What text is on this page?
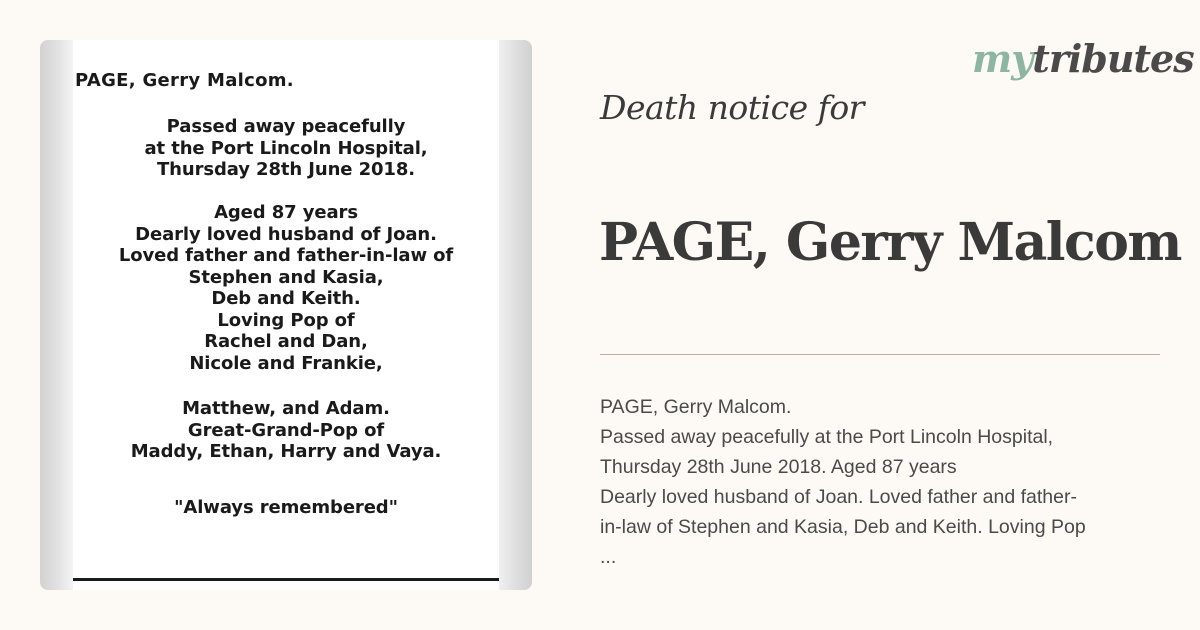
PAGE, Gerry Malcom.
Passed away peacefully
at the Port Lincoln Hospital,
Thursday 28th June 2018.
Aged 87 years
Dearly loved husband of Joan.
Loved father and father-in-law of
Stephen and Kasia,
Deb and Keith.
Loving Pop of
Rachel and Dan,
Nicole and Frankie,
Matthew, and Adam.
Great-Grand-Pop of
Maddy, Ethan, Harry and Vaya.
"Always remembered"
mytributes
Death notice for
PAGE, Gerry Malcom
PAGE, Gerry Malcom.
Passed away peacefully at the Port Lincoln Hospital,
Thursday 28th June 2018. Aged 87 years
Dearly loved husband of Joan. Loved father and father-
in-law of Stephen and Kasia, Deb and Keith. Loving Pop
...
